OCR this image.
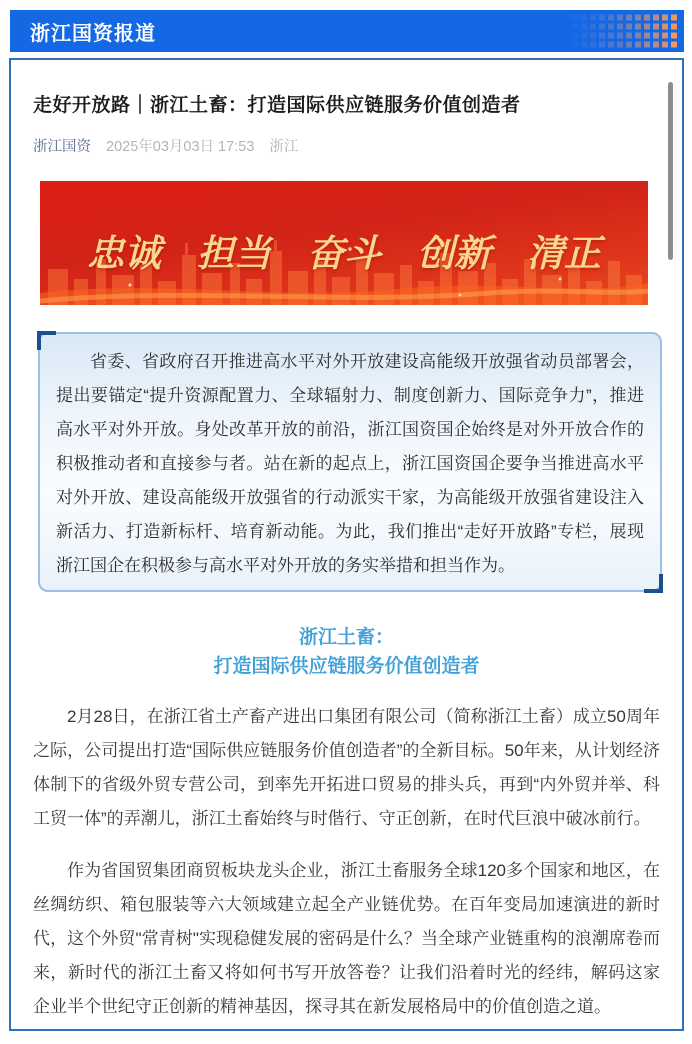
浙江国资报道
走好开放路｜浙江土畜：打造国际供应链服务价值创造者
浙江国资 2025年03月03日 17:53 浙江
忠诚 担当 奋斗 创新 清正

省委、省政府召开推进高水平对外开放建设高能级开放强省动员部署会，提出要锚定“提升资源配置力、全球辐射力、制度创新力、国际竞争力”，推进高水平对外开放。身处改革开放的前沿，浙江国资国企始终是对外开放合作的积极推动者和直接参与者。站在新的起点上，浙江国资国企要争当推进高水平对外开放、建设高能级开放强省的行动派实干家，为高能级开放强省建设注入新活力、打造新标杆、培育新动能。为此，我们推出“走好开放路”专栏，展现浙江国企在积极参与高水平对外开放的务实举措和担当作为。

浙江土畜：
打造国际供应链服务价值创造者

2月28日，在浙江省土产畜产进出口集团有限公司（简称浙江土畜）成立50周年之际，公司提出打造“国际供应链服务价值创造者”的全新目标。50年来，从计划经济体制下的省级外贸专营公司，到率先开拓进口贸易的排头兵，再到“内外贸并举、科工贸一体”的弄潮儿，浙江土畜始终与时偕行、守正创新，在时代巨浪中破冰前行。

作为省国贸集团商贸板块龙头企业，浙江土畜服务全球120多个国家和地区，在丝绸纺织、箱包服装等六大领域建立起全产业链优势。在百年变局加速演进的新时代，这个外贸"常青树"实现稳健发展的密码是什么？当全球产业链重构的浪潮席卷而来，新时代的浙江土畜又将如何书写开放答卷？让我们沿着时光的经纬，解码这家企业半个世纪守正创新的精神基因，探寻其在新发展格局中的价值创造之道。
